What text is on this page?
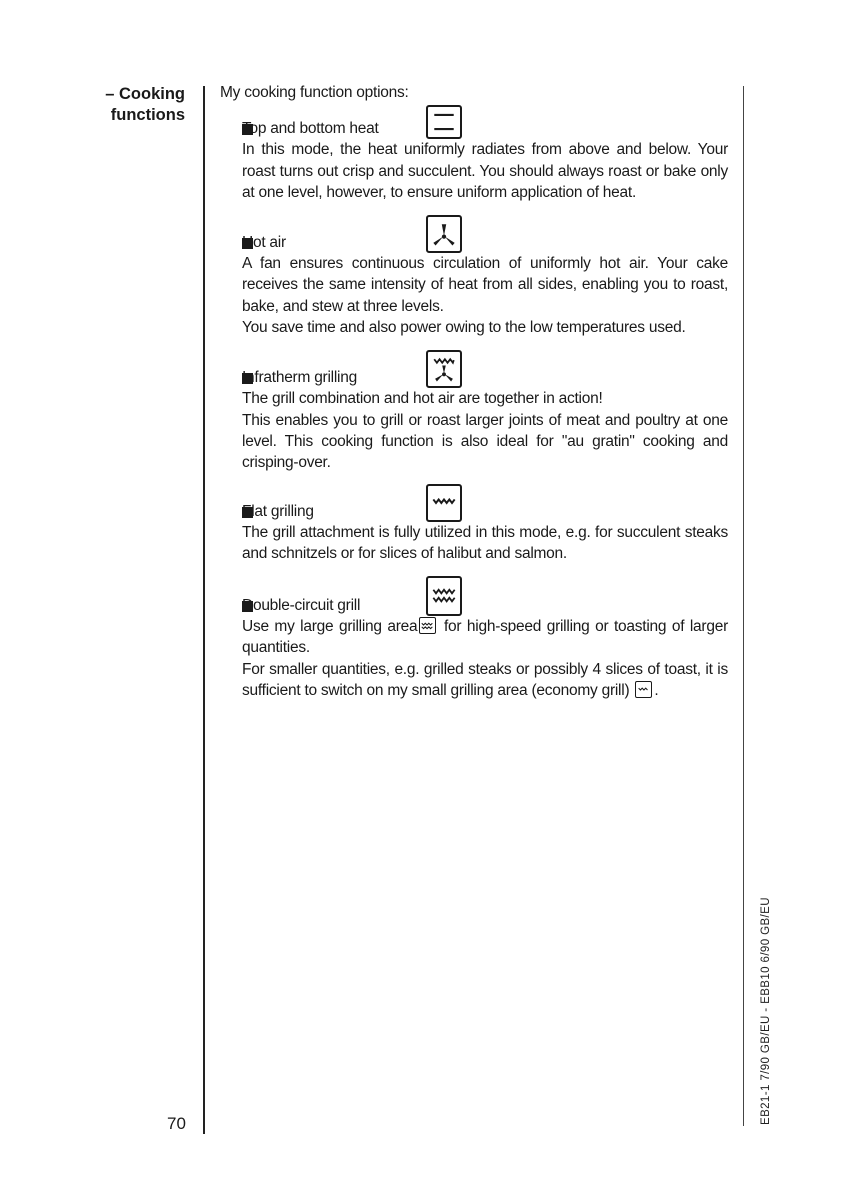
– Cooking
functions

My cooking function options:

Top and bottom heat

In this mode, the heat uniformly radiates from above and below. Your roast turns out crisp and succulent. You should always roast or bake only at one level, however, to ensure uniform application of heat.

Hot air

A fan ensures continuous circulation of uniformly hot air. Your cake receives the same intensity of heat from all sides, enabling you to roast, bake, and stew at three levels.

You save time and also power owing to the low temperatures used.

Infratherm grilling

The grill combination and hot air are together in action!

This enables you to grill or roast larger joints of meat and poultry at one level. This cooking function is also ideal for "au gratin" cooking and crisping-over.

Flat grilling

The grill attachment is fully utilized in this mode, e.g. for succulent steaks and schnitzels or for slices of halibut and salmon.

Double-circuit grill

Use my large grilling area
for high-speed grilling or toasting of larger quantities.

For smaller quantities, e.g. grilled steaks or possibly 4 slices of toast, it is sufficient to switch on my small grilling area (economy grill)
.

70	EB21-1 7/90 GB/EU - EBB10 6/90 GB/EU
